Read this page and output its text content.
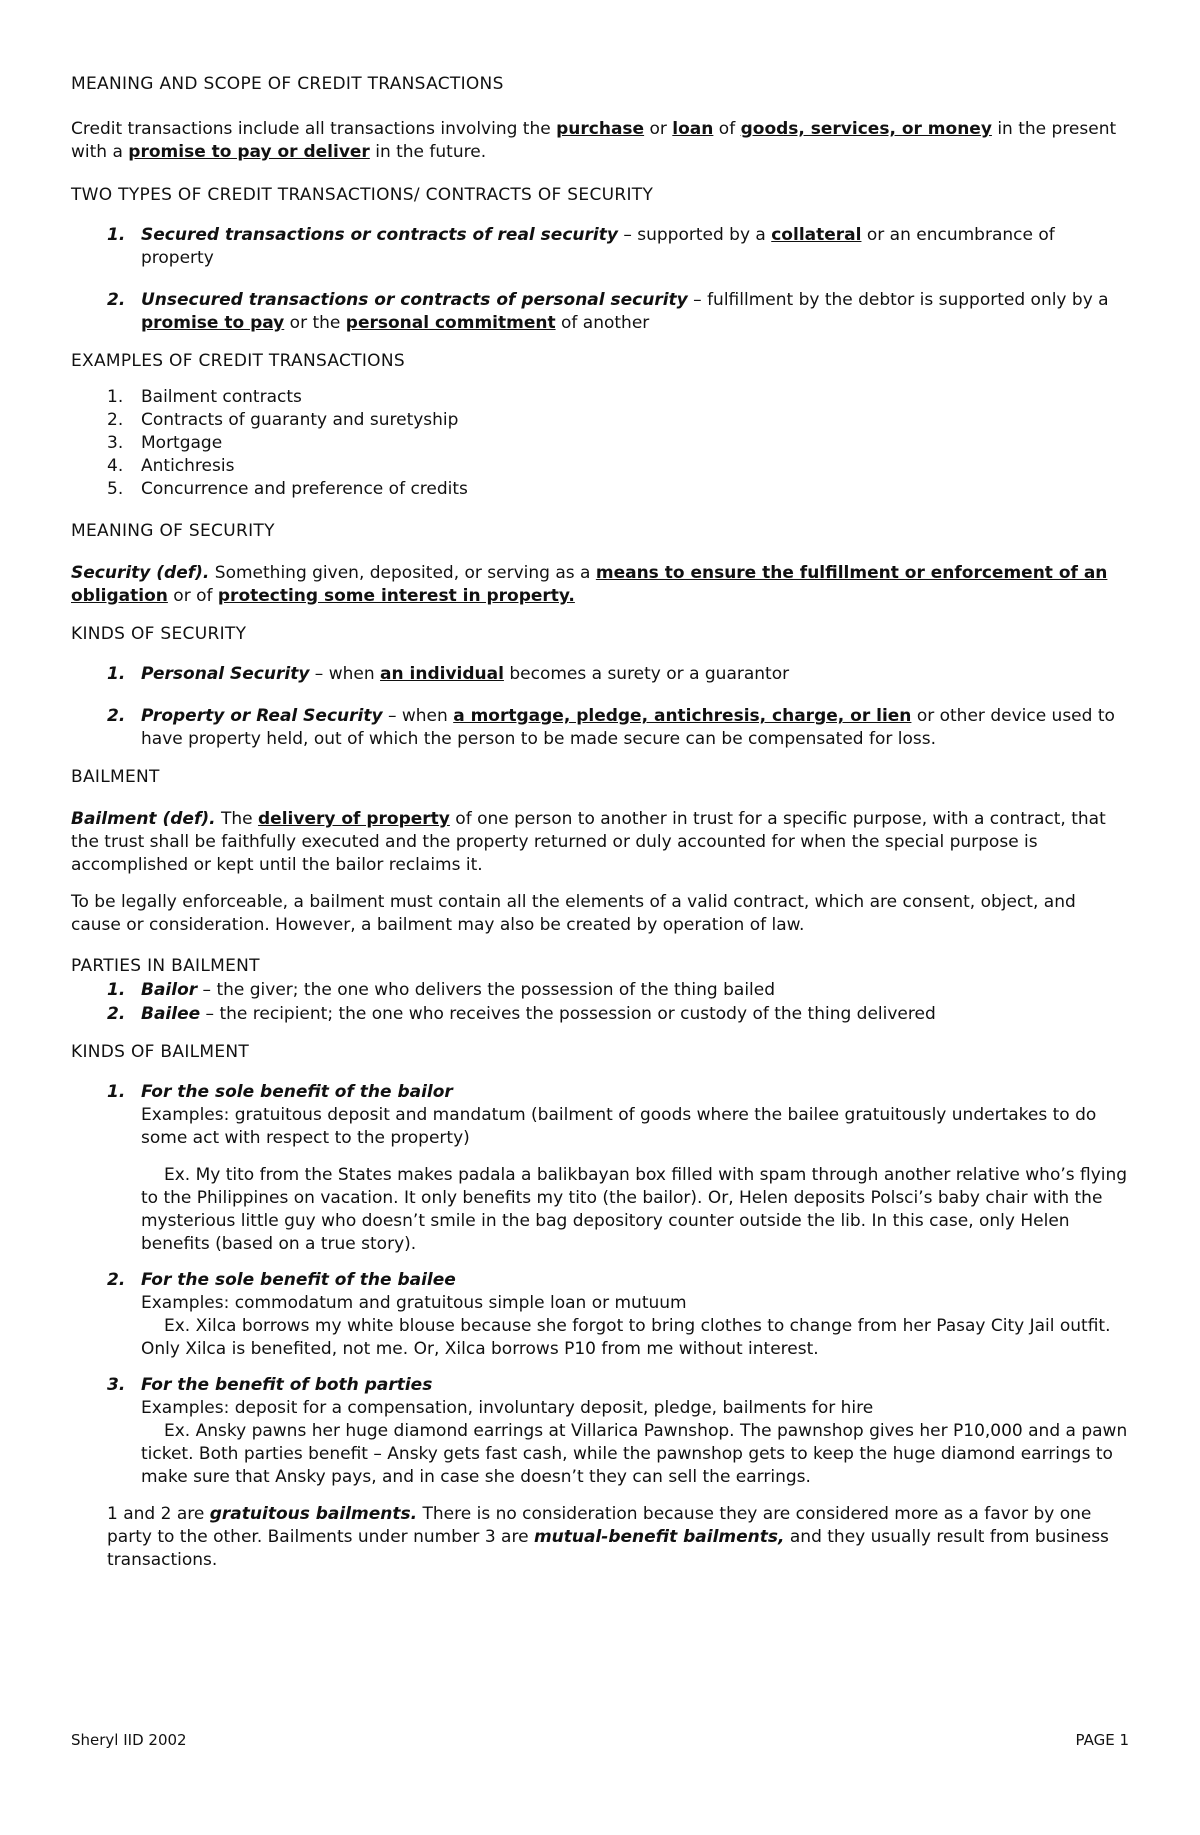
MEANING AND SCOPE OF CREDIT TRANSACTIONS

Credit transactions include all transactions involving the purchase or loan of goods, services, or money in the present with a promise to pay or deliver in the future.

TWO TYPES OF CREDIT TRANSACTIONS/ CONTRACTS OF SECURITY

1. Secured transactions or contracts of real security – supported by a collateral or an encumbrance of property
2. Unsecured transactions or contracts of personal security – fulfillment by the debtor is supported only by a promise to pay or the personal commitment of another

EXAMPLES OF CREDIT TRANSACTIONS

1. Bailment contracts
2. Contracts of guaranty and suretyship
3. Mortgage
4. Antichresis
5. Concurrence and preference of credits

MEANING OF SECURITY

Security (def). Something given, deposited, or serving as a means to ensure the fulfillment or enforcement of an obligation or of protecting some interest in property.

KINDS OF SECURITY

1. Personal Security – when an individual becomes a surety or a guarantor
2. Property or Real Security – when a mortgage, pledge, antichresis, charge, or lien or other device used to have property held, out of which the person to be made secure can be compensated for loss.

BAILMENT

Bailment (def). The delivery of property of one person to another in trust for a specific purpose, with a contract, that the trust shall be faithfully executed and the property returned or duly accounted for when the special purpose is accomplished or kept until the bailor reclaims it.

To be legally enforceable, a bailment must contain all the elements of a valid contract, which are consent, object, and cause or consideration. However, a bailment may also be created by operation of law.

PARTIES IN BAILMENT

1. Bailor – the giver; the one who delivers the possession of the thing bailed
2. Bailee – the recipient; the one who receives the possession or custody of the thing delivered

KINDS OF BAILMENT

1. For the sole benefit of the bailor

Examples: gratuitous deposit and mandatum (bailment of goods where the bailee gratuitously undertakes to do some act with respect to the property)

Ex. My tito from the States makes padala a balikbayan box filled with spam through another relative who’s flying to the Philippines on vacation. It only benefits my tito (the bailor). Or, Helen deposits Polsci’s baby chair with the mysterious little guy who doesn’t smile in the bag depository counter outside the lib. In this case, only Helen benefits (based on a true story).

2. For the sole benefit of the bailee

Examples: commodatum and gratuitous simple loan or mutuum

Ex. Xilca borrows my white blouse because she forgot to bring clothes to change from her Pasay City Jail outfit. Only Xilca is benefited, not me. Or, Xilca borrows P10 from me without interest.

3. For the benefit of both parties

Examples: deposit for a compensation, involuntary deposit, pledge, bailments for hire

Ex. Ansky pawns her huge diamond earrings at Villarica Pawnshop. The pawnshop gives her P10,000 and a pawn ticket. Both parties benefit – Ansky gets fast cash, while the pawnshop gets to keep the huge diamond earrings to make sure that Ansky pays, and in case she doesn’t they can sell the earrings.

1 and 2 are gratuitous bailments. There is no consideration because they are considered more as a favor by one party to the other. Bailments under number 3 are mutual-benefit bailments, and they usually result from business transactions.

Sheryl IID 2002	PAGE 1
